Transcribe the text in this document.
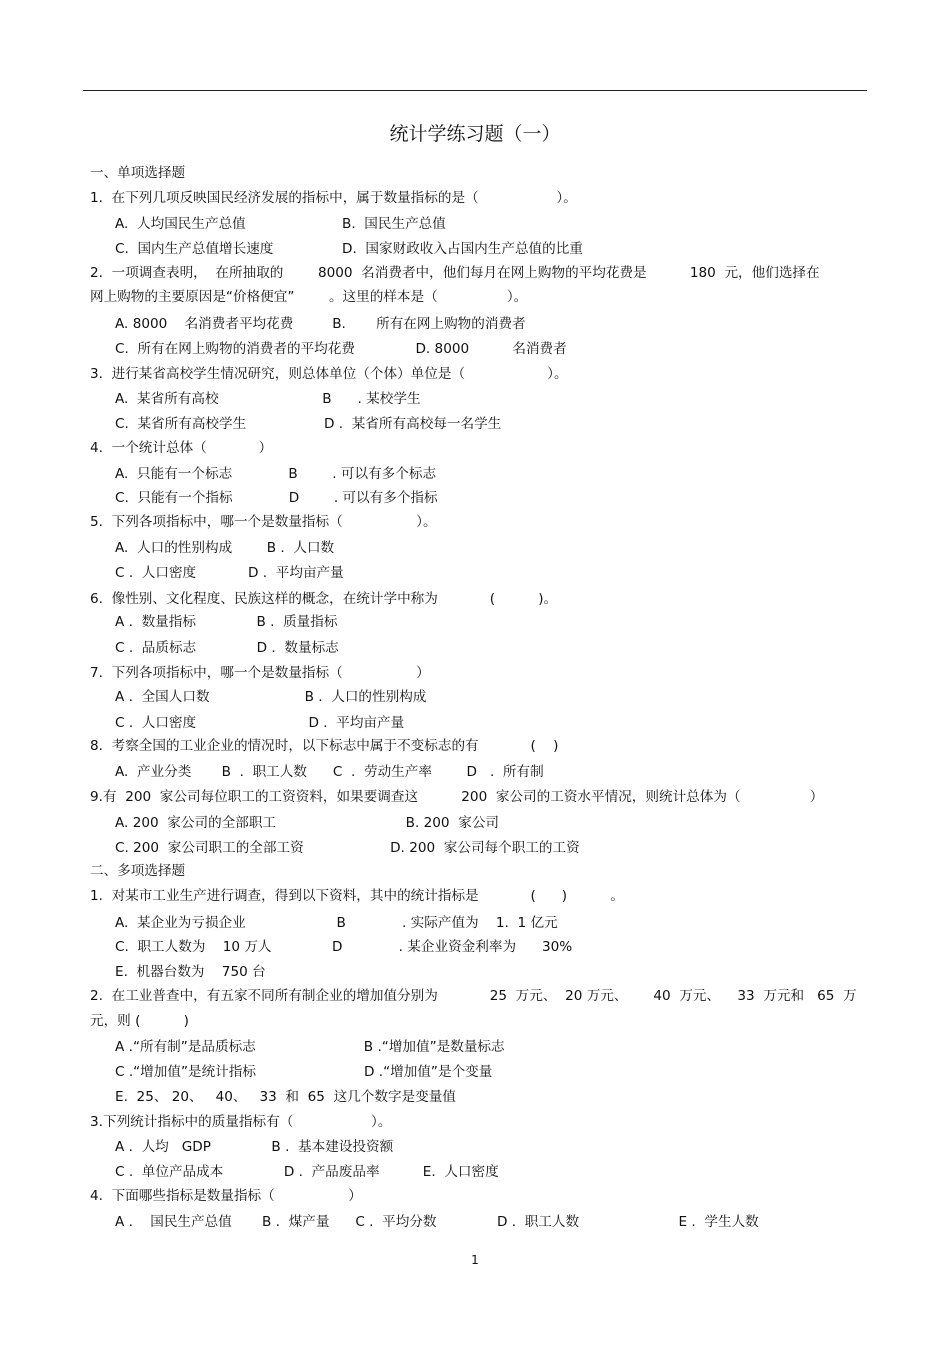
统计学练习题（一）
一、单项选择题
1.  在下列几项反映国民经济发展的指标中，属于数量指标的是（                  ）。
A.  人均国民生产总值	B.  国民生产总值
C.  国内生产总值增长速度	D.  国家财政收入占国内生产总值的比重
2.  一项调查表明，  在所抽取的        8000  名消费者中，他们每月在网上购物的平均花费是          180  元，他们选择在
网上购物的主要原因是“价格便宜”        。这里的样本是（                ）。
A. 8000    名消费者平均花费         B.       所有在网上购物的消费者
C.  所有在网上购物的消费者的平均花费              D. 8000          名消费者
3.  进行某省高校学生情况研究，则总体单位（个体）单位是（                   ）。
A.  某省所有高校                        B      . 某校学生
C.  某省所有高校学生                  D .  某省所有高校每一名学生
4.  一个统计总体（            ）
A.  只能有一个标志             B        . 可以有多个标志
C.  只能有一个指标             D        . 可以有多个指标
5.  下列各项指标中，哪一个是数量指标（                 ）。
A.  人口的性别构成        B .  人口数
C .  人口密度            D .  平均亩产量
6.  像性别、文化程度、民族这样的概念，在统计学中称为            (          )。
A .  数量指标              B .  质量指标
C .  品质标志              D .  数量标志
7.  下列各项指标中，哪一个是数量指标（                 ）
A .  全国人口数                      B .  人口的性别构成
C .  人口密度                          D .  平均亩产量
8.  考察全国的工业企业的情况时，以下标志中属于不变标志的有            (    )
A.  产业分类       B  .  职工人数      C  .  劳动生产率        D   .  所有制
9.有  200  家公司每位职工的工资资料，如果要调查这          200  家公司的工资水平情况，则统计总体为（                ）
A. 200  家公司的全部职工                              B. 200  家公司
C. 200  家公司职工的全部工资                    D. 200  家公司每个职工的工资
二、多项选择题
1.  对某市工业生产进行调查，得到以下资料，其中的统计指标是            (      )          。
A.  某企业为亏损企业                     B             . 实际产值为    1.  1 亿元
C.  职工人数为    10 万人              D             . 某企业资金利率为      30%
E.  机器台数为    750 台
2.  在工业普查中，有五家不同所有制企业的增加值分别为            25  万元、  20 万元、      40  万元、    33  万元和   65  万
元，则 (          )
A .“所有制”是品质标志                         B .“增加值”是数量标志
C .“增加值”是统计指标                         D .“增加值”是个变量
E.  25、 20、   40、   33  和  65  这几个数字是变量值
3.下列统计指标中的质量指标有（                  ）。
A .  人均   GDP              B .  基本建设投资额
C .  单位产品成本              D .  产品废品率          E.  人口密度
4.  下面哪些指标是数量指标（                 ）
A .    国民生产总值       B .  煤产量      C .  平均分数              D .  职工人数                       E .  学生人数
1
